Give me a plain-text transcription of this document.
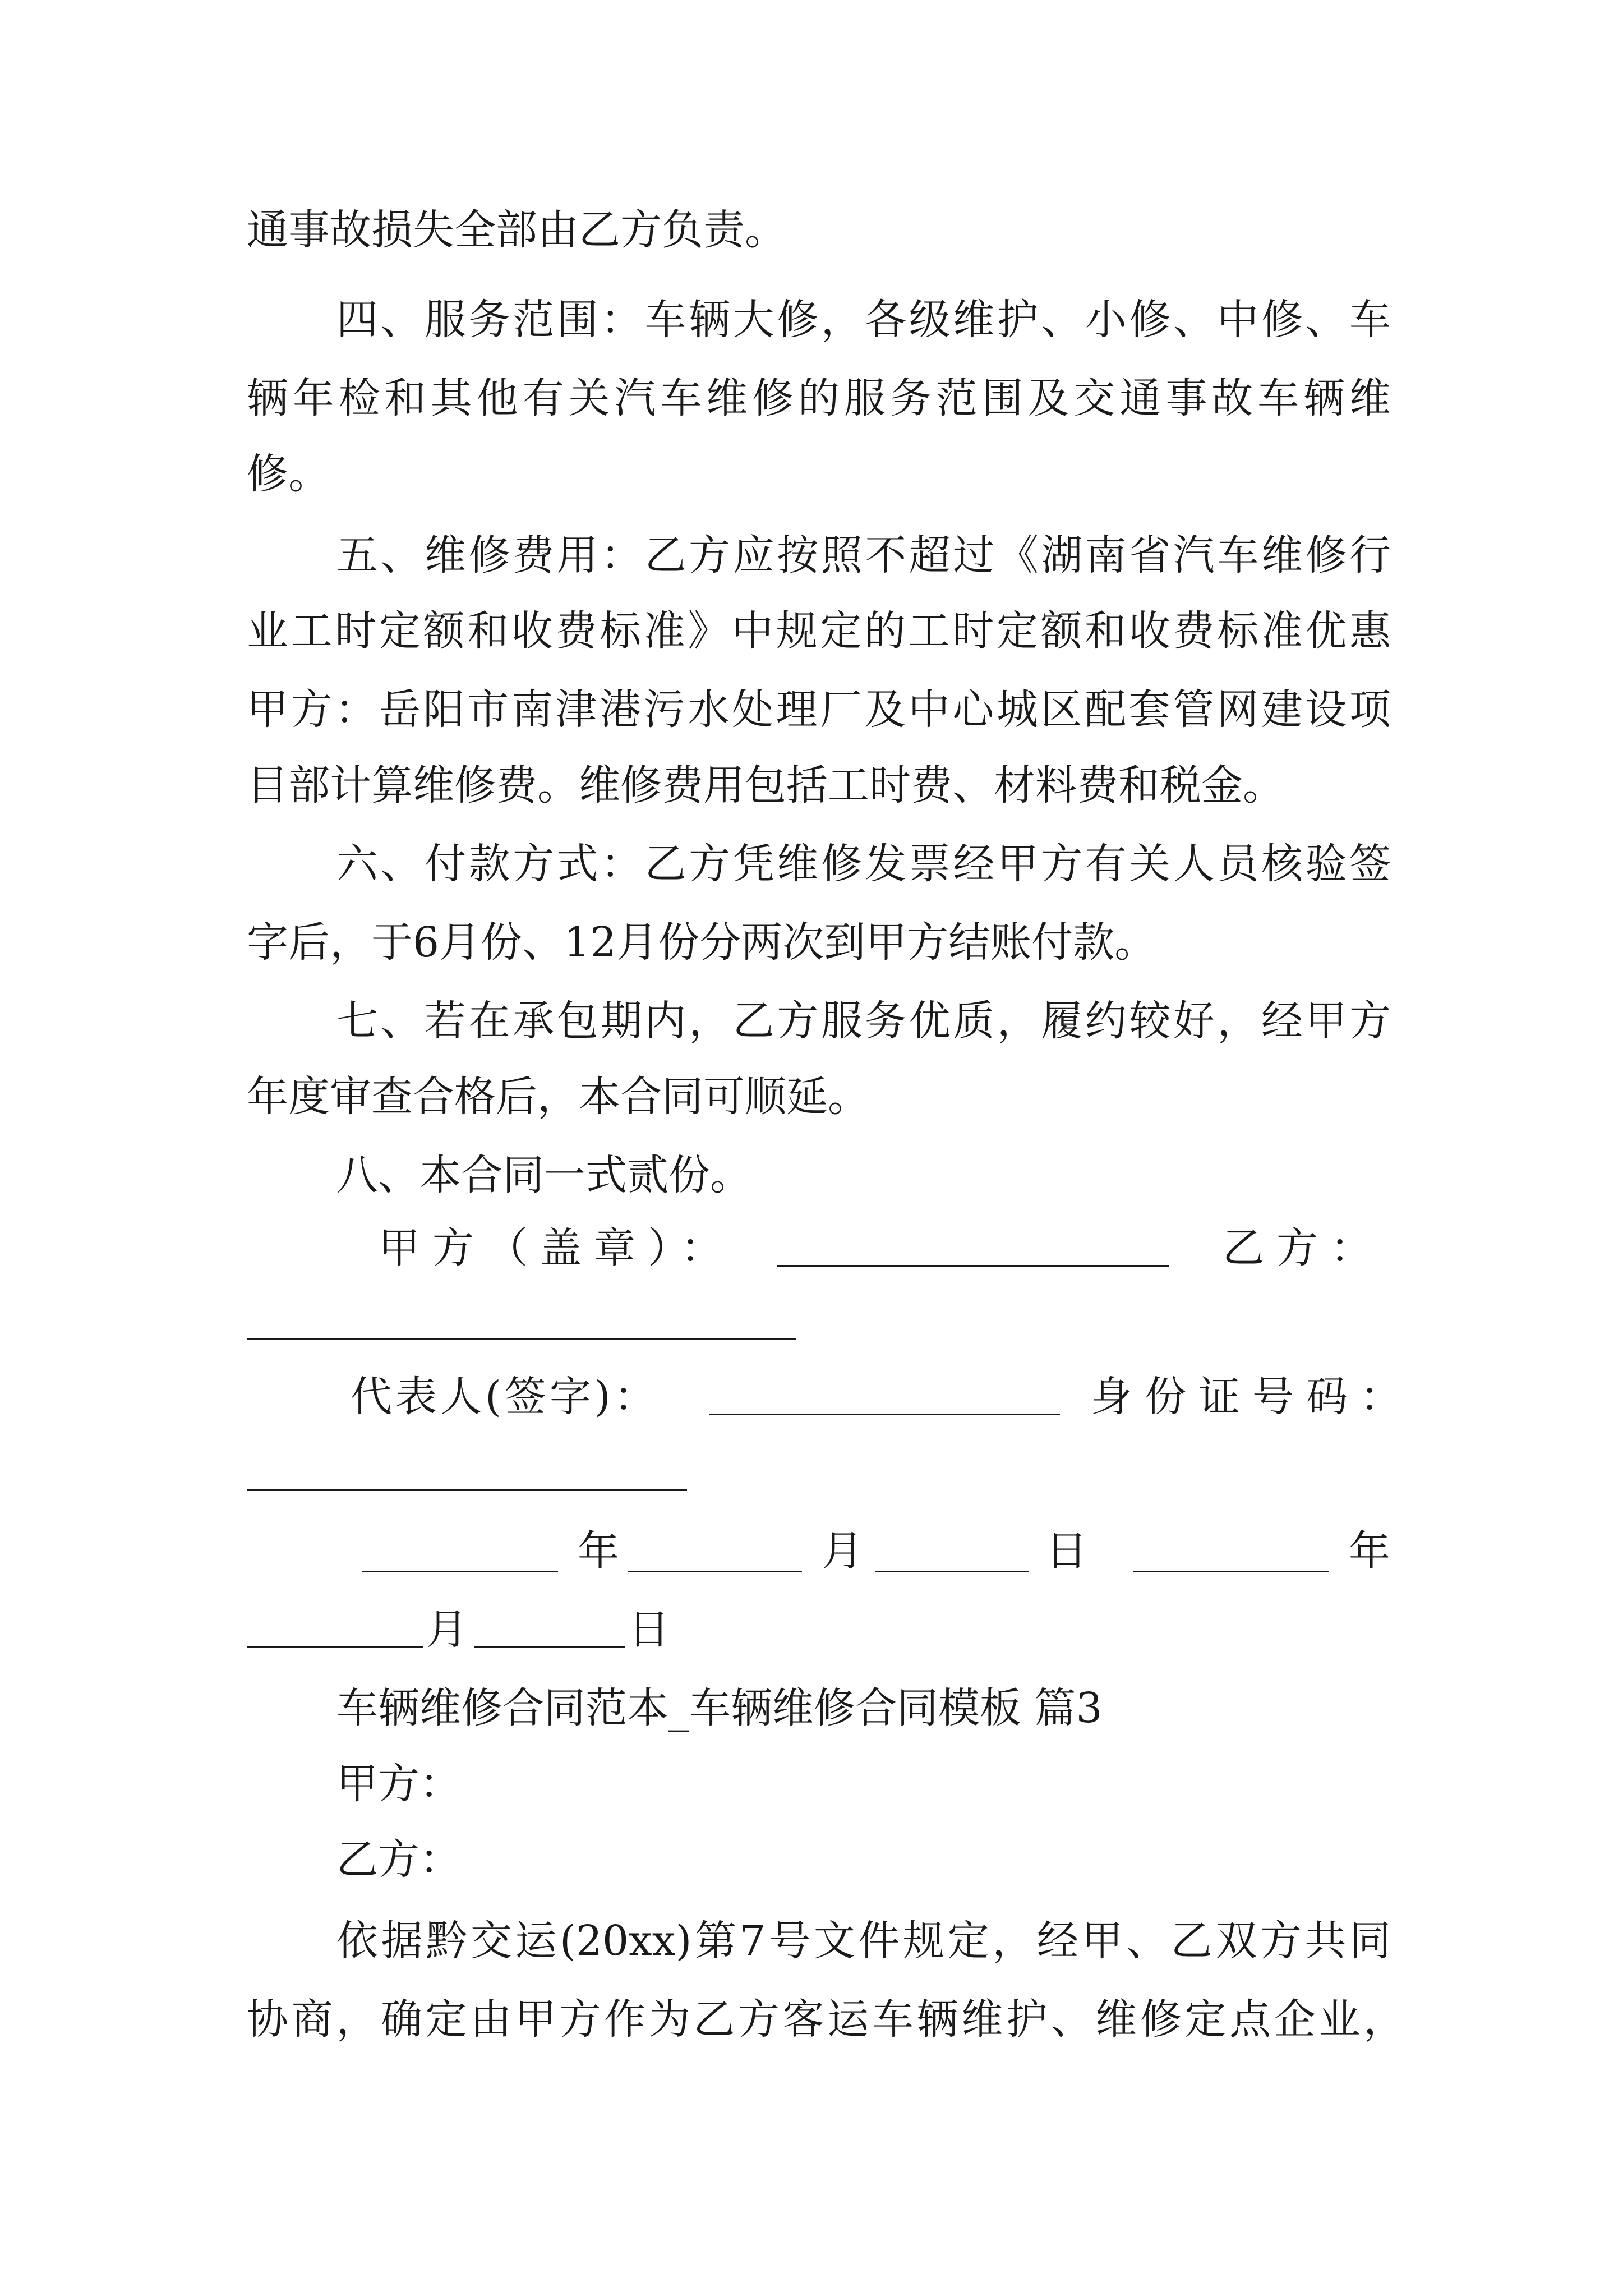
通事故损失全部由乙方负责。
四、服务范围：车辆大修，各级维护、小修、中修、车
辆年检和其他有关汽车维修的服务范围及交通事故车辆维
修。
五、维修费用：乙方应按照不超过《湖南省汽车维修行
业工时定额和收费标准》中规定的工时定额和收费标准优惠
甲方：岳阳市南津港污水处理厂及中心城区配套管网建设项
目部计算维修费。维修费用包括工时费、材料费和税金。
六、付款方式：乙方凭维修发票经甲方有关人员核验签
字后，于6月份、12月份分两次到甲方结账付款。
七、若在承包期内，乙方服务优质，履约较好，经甲方
年度审查合格后，本合同可顺延。
八、本合同一式贰份。
甲方（盖章）：	乙方：
代表人(签字)：	身份证号码：
年	月	日	年
月	日
车辆维修合同范本_车辆维修合同模板 篇3
甲方：
乙方：
依据黔交运(20xx)第7号文件规定，经甲、乙双方共同
协商，确定由甲方作为乙方客运车辆维护、维修定点企业，
